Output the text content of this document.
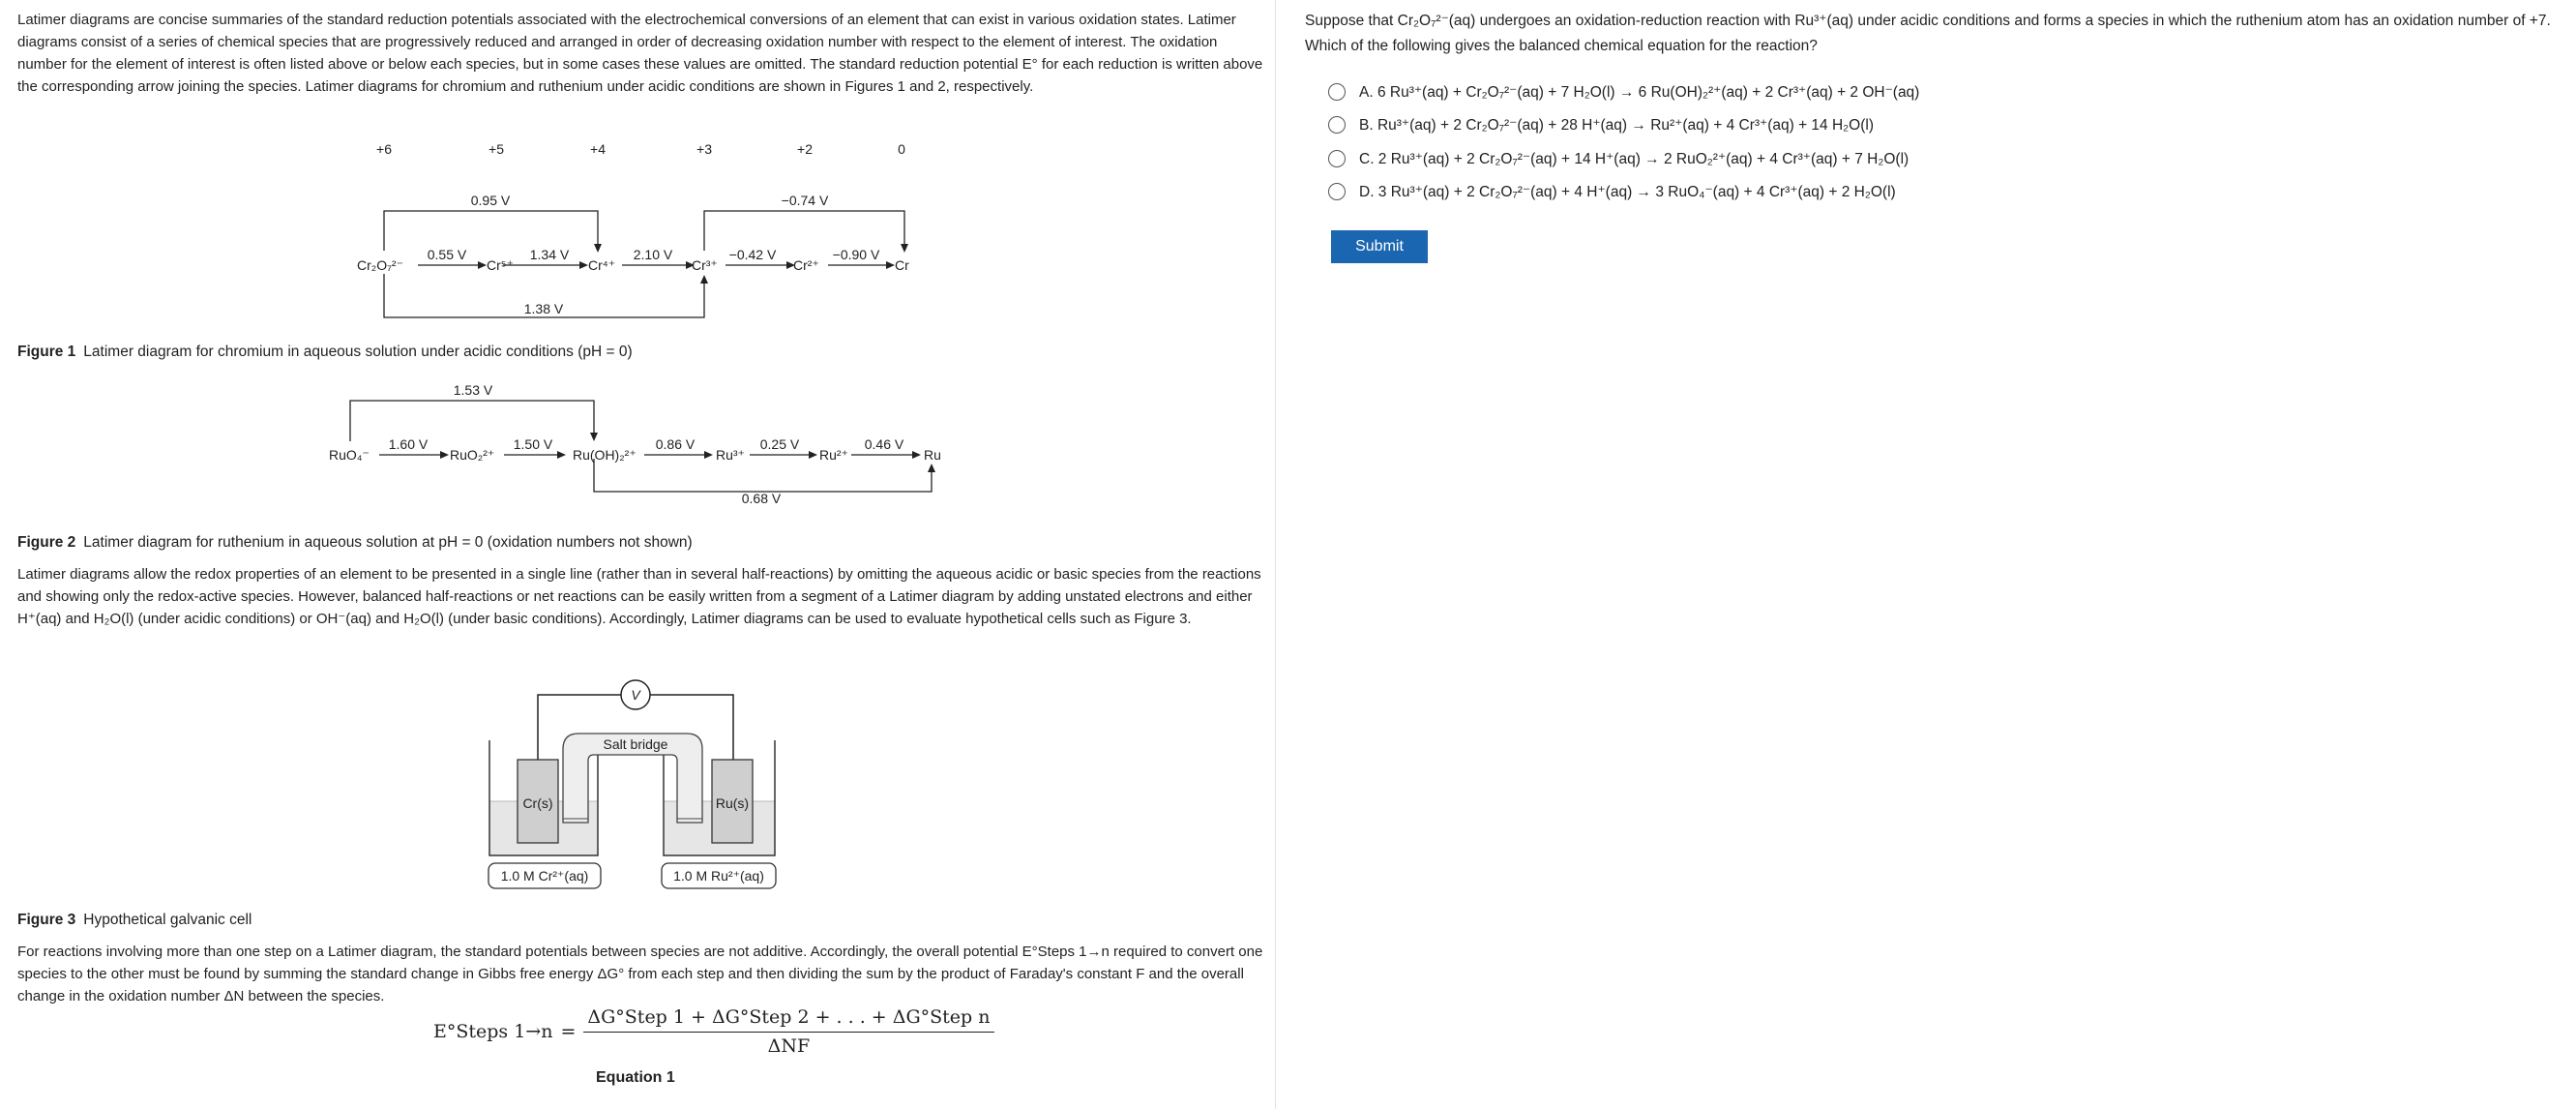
Latimer diagrams are concise summaries of the standard reduction potentials associated with the electrochemical conversions of an element that can exist in various oxidation states. Latimer diagrams consist of a series of chemical species that are progressively reduced and arranged in order of decreasing oxidation number with respect to the element of interest. The oxidation number for the element of interest is often listed above or below each species, but in some cases these values are omitted. The standard reduction potential E° for each reduction is written above the corresponding arrow joining the species. Latimer diagrams for chromium and ruthenium under acidic conditions are shown in Figures 1 and 2, respectively.

+6	+5	+4	+3	+2	0
0.95 V	−0.74 V
0.55 V	1.34 V	2.10 V	−0.42 V	−0.90 V
1.38 V
Cr₂O₇²⁻	Cr⁵⁺	Cr⁴⁺	Cr³⁺	Cr²⁺	Cr

Figure 1 Latimer diagram for chromium in aqueous solution under acidic conditions (pH = 0)

1.53 V
1.60 V	1.50 V	0.86 V	0.25 V	0.46 V
0.68 V
RuO₄⁻	RuO₂²⁺	Ru(OH)₂²⁺	Ru³⁺	Ru²⁺	Ru

Figure 2 Latimer diagram for ruthenium in aqueous solution at pH = 0 (oxidation numbers not shown)

Latimer diagrams allow the redox properties of an element to be presented in a single line (rather than in several half-reactions) by omitting the aqueous acidic or basic species from the reactions and showing only the redox-active species. However, balanced half-reactions or net reactions can be easily written from a segment of a Latimer diagram by adding unstated electrons and either H⁺(aq) and H₂O(l) (under acidic conditions) or OH⁻(aq) and H₂O(l) (under basic conditions). Accordingly, Latimer diagrams can be used to evaluate hypothetical cells such as Figure 3.

V
Salt bridge
Cr(s)	Ru(s)
1.0 M Cr²⁺(aq)	1.0 M Ru²⁺(aq)

Figure 3 Hypothetical galvanic cell

For reactions involving more than one step on a Latimer diagram, the standard potentials between species are not additive. Accordingly, the overall potential E°Steps 1→n required to convert one species to the other must be found by summing the standard change in Gibbs free energy ΔG° from each step and then dividing the sum by the product of Faraday's constant F and the overall change in the oxidation number ΔN between the species.

E°Steps $1\to n = \frac{\text{ΔG°Step 1 + ΔG°Step 2 + . . . + ΔG°Step n}}{\text{ΔNF}}$
Equation 1

Suppose that Cr₂O₇²⁻(aq) undergoes an oxidation-reduction reaction with Ru³⁺(aq) under acidic conditions and forms a species in which the ruthenium atom has an oxidation number of +7. Which of the following gives the balanced chemical equation for the reaction?

A. 6 Ru³⁺(aq) + Cr₂O₇²⁻(aq) + 7 H₂O(l) → 6 Ru(OH)₂²⁺(aq) + 2 Cr³⁺(aq) + 2 OH⁻(aq)
B. Ru³⁺(aq) + 2 Cr₂O₇²⁻(aq) + 28 H⁺(aq) → Ru²⁺(aq) + 4 Cr³⁺(aq) + 14 H₂O(l)
C. 2 Ru³⁺(aq) + 2 Cr₂O₇²⁻(aq) + 14 H⁺(aq) → 2 RuO₂²⁺(aq) + 4 Cr³⁺(aq) + 7 H₂O(l)
D. 3 Ru³⁺(aq) + 2 Cr₂O₇²⁻(aq) + 4 H⁺(aq) → 3 RuO₄⁻(aq) + 4 Cr³⁺(aq) + 2 H₂O(l)
Submit
